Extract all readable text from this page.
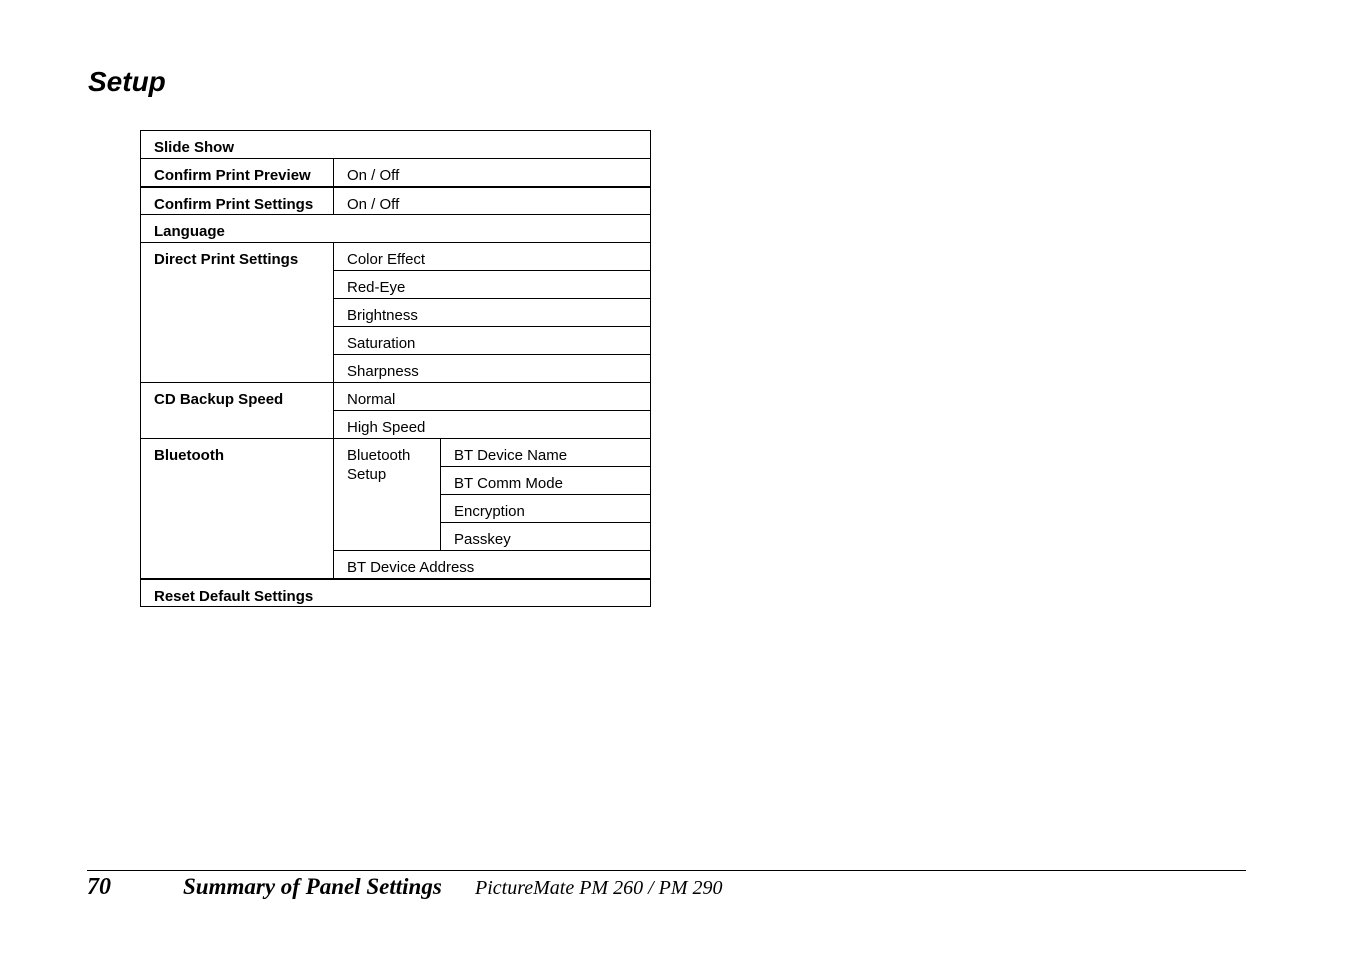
Setup
Slide Show		
Confirm Print Preview	On / Off	
Confirm Print Settings	On / Off	
Language		
Direct Print Settings	Color Effect	
	Red-Eye	
	Brightness	
	Saturation	
	Sharpness	
CD Backup Speed	Normal	
	High Speed	
Bluetooth	Bluetooth Setup	BT Device Name
		BT Comm Mode
		Encryption
		Passkey
	BT Device Address	
Reset Default Settings		
70	Summary of Panel Settings PictureMate PM 260 / PM 290
